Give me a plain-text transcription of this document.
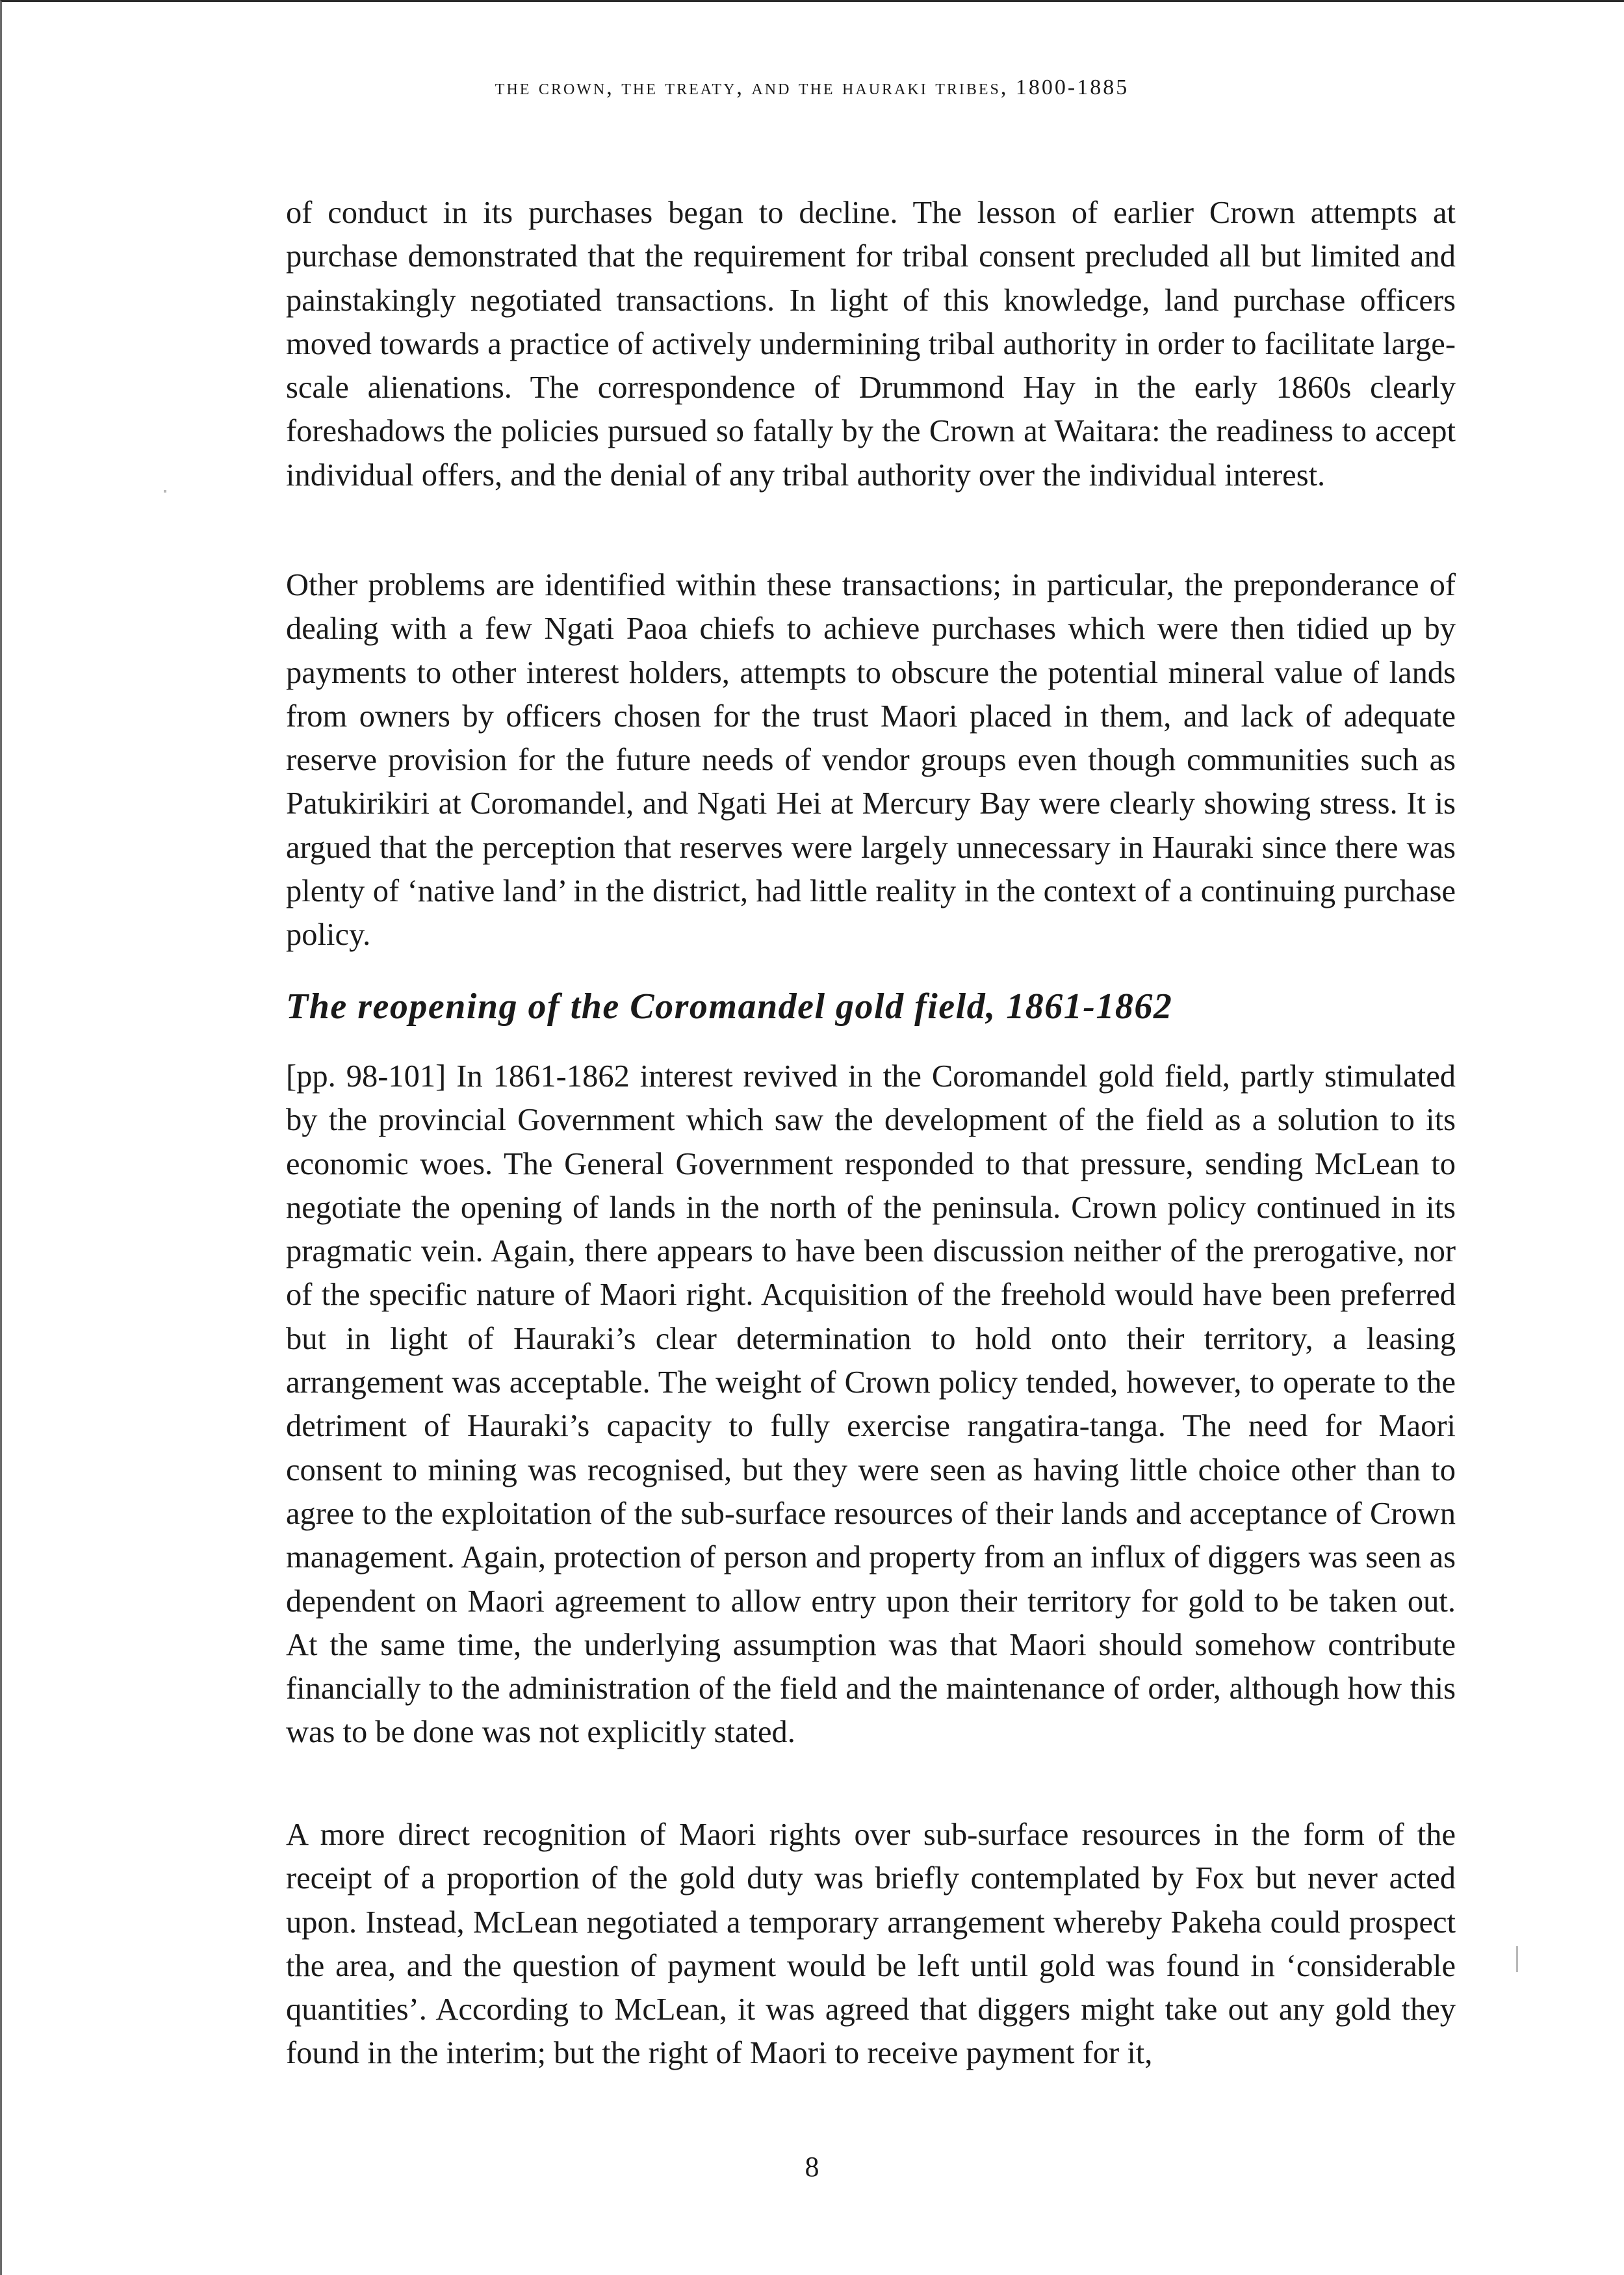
the crown, the treaty, and the hauraki tribes, 1800-1885

of conduct in its purchases began to decline. The lesson of earlier Crown attempts at purchase demonstrated that the requirement for tribal consent precluded all but limited and painstakingly negotiated transactions. In light of this knowledge, land purchase officers moved towards a practice of actively undermining tribal authority in order to facilitate large-scale alienations. The correspondence of Drummond Hay in the early 1860s clearly foreshadows the policies pursued so fatally by the Crown at Waitara: the readiness to accept individual offers, and the denial of any tribal authority over the individual interest.

Other problems are identified within these transactions; in particular, the preponderance of dealing with a few Ngati Paoa chiefs to achieve purchases which were then tidied up by payments to other interest holders, attempts to obscure the potential mineral value of lands from owners by officers chosen for the trust Maori placed in them, and lack of adequate reserve provision for the future needs of vendor groups even though communities such as Patukirikiri at Coromandel, and Ngati Hei at Mercury Bay were clearly showing stress. It is argued that the perception that reserves were largely unnecessary in Hauraki since there was plenty of ‘native land’ in the district, had little reality in the context of a continuing purchase policy.

The reopening of the Coromandel gold field, 1861-1862

[pp. 98-101] In 1861-1862 interest revived in the Coromandel gold field, partly stimulated by the provincial Government which saw the development of the field as a solution to its economic woes. The General Government responded to that pressure, sending McLean to negotiate the opening of lands in the north of the peninsula. Crown policy continued in its pragmatic vein. Again, there appears to have been discussion neither of the prerogative, nor of the specific nature of Maori right. Acquisition of the freehold would have been preferred but in light of Hauraki’s clear determination to hold onto their territory, a leasing arrangement was acceptable. The weight of Crown policy tended, however, to operate to the detriment of Hauraki’s capacity to fully exercise rangatira-tanga. The need for Maori consent to mining was recognised, but they were seen as having little choice other than to agree to the exploitation of the sub-surface resources of their lands and acceptance of Crown management. Again, protection of person and property from an influx of diggers was seen as dependent on Maori agreement to allow entry upon their territory for gold to be taken out. At the same time, the underlying assumption was that Maori should somehow contribute financially to the administration of the field and the maintenance of order, although how this was to be done was not explicitly stated.

A more direct recognition of Maori rights over sub-surface resources in the form of the receipt of a proportion of the gold duty was briefly contemplated by Fox but never acted upon. Instead, McLean negotiated a temporary arrangement whereby Pakeha could prospect the area, and the question of payment would be left until gold was found in ‘considerable quantities’. According to McLean, it was agreed that diggers might take out any gold they found in the interim; but the right of Maori to receive payment for it,

8
